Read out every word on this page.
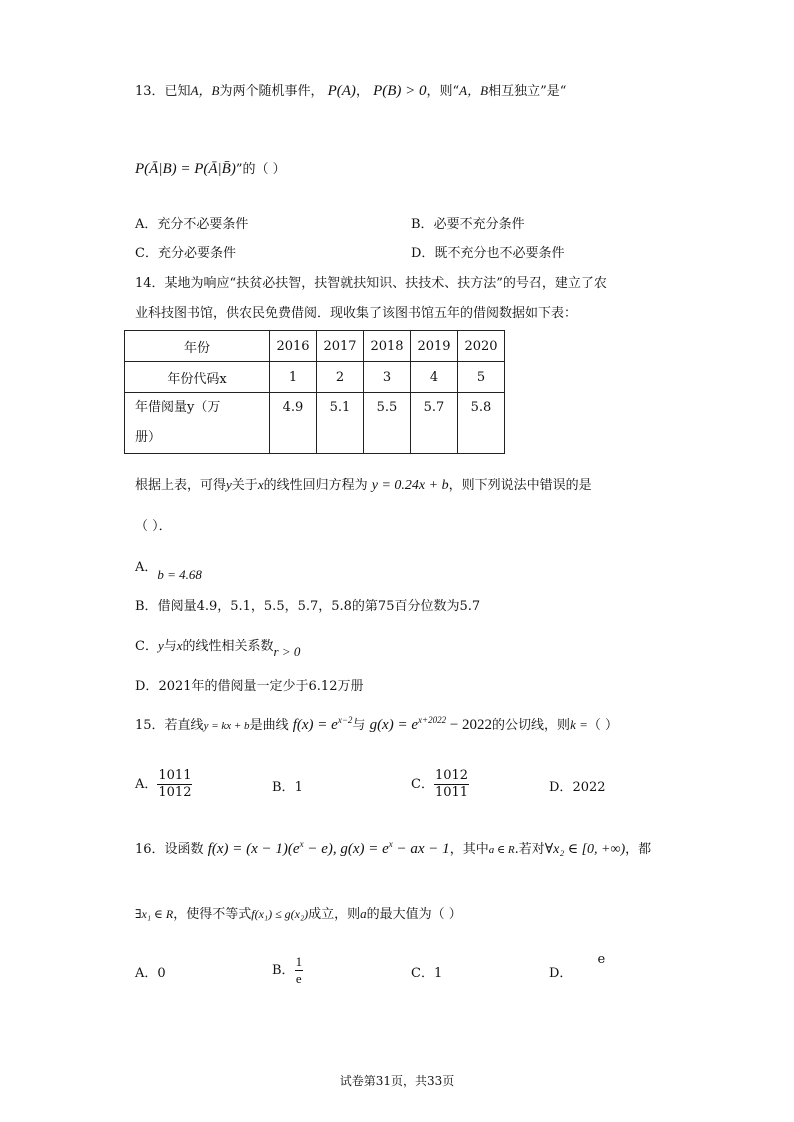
13．已知A，B为两个随机事件， P(A)， P(B) > 0，则“A，B相互独立”是“
P(Ā|B) = P(Ā|B̄)”的（ ）
A．充分不必要条件	B．必要不充分条件
C．充分必要条件	D．既不充分也不必要条件
14．某地为响应“扶贫必扶智，扶智就扶知识、扶技术、扶方法”的号召，建立了农
业科技图书馆，供农民免费借阅．现收集了该图书馆五年的借阅数据如下表：
年份	2016	2017	2018	2019	2020
年份代码x	1	2	3	4	5

年借阅量y（万
册）	4.9	5.1	5.5	5.7	5.8
根据上表，可得y关于x的线性回归方程为 y = 0.24x + b，则下列说法中错误的是
（ ）．
A．b = 4.68
B．借阅量4.9，5.1，5.5，5.7，5.8的第75百分位数为5.7
C．y与x的线性相关系数r > 0
D．2021年的借阅量一定少于6.12万册
15．若直线y = kx + b是曲线 $f(x) = e^{x-2}$与 $g(x) = e^{x+2022} - 2022$的公切线，则k =（ ）
A． $\frac{1011}{1012}$	B．1	C． $\frac{1012}{1011}$	D．2022
16．设函数 $f(x) = (x - 1)(e^x - e)$, $g(x) = e^x$ − ax − 1，其中a ∈ R.若对∀x₂ ∈ [0, +∞)，都
∃x₁ ∈ R，使得不等式f(x₁) ≤ g(x₂)成立，则a的最大值为（ ）
A．0	B． $\frac{1}{e}$	C．1	D．e
试卷第31页，共33页
